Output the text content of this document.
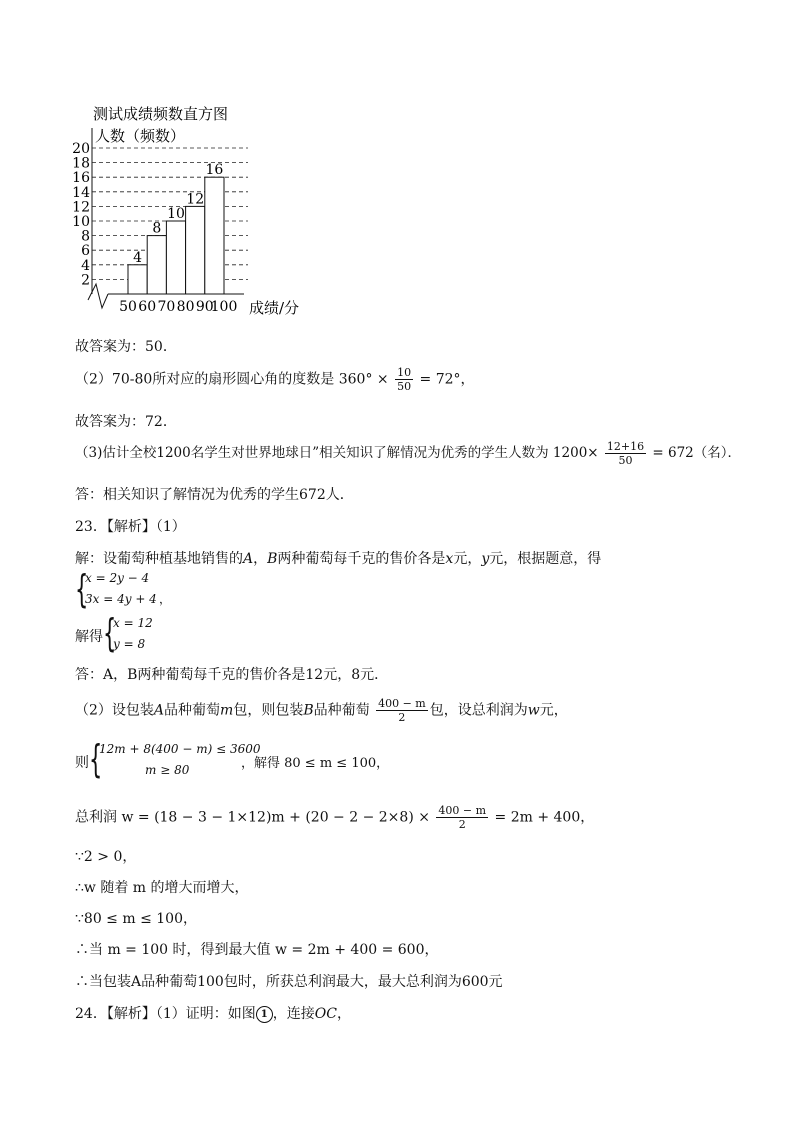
测试成绩频数直方图
人数（频数）
成绩/分
2
4
6
8
10
12
14
16
18
20
4
8
10
12
16
50 60 70 80 90
100
故答案为：50．
（2）70-80所对应的扇形圆心角的度数是 $360^\circ \times \frac{10}{50} = 72^\circ$，
故答案为：72．
（3)估计全校1200名学生对世界地球日”相关知识了解情况为优秀的学生人数为 $1200\times \frac{12+16}{50} = 672$（名）．
答：相关知识了解情况为优秀的学生672人．
23．【解析】（1）
解：设葡萄种植基地销售的A，B两种葡萄每千克的售价各是x元，y元，根据题意，得
{
x = 2y − 4
3x = 4y + 4 ，
解得 {
x = 12
y = 8
答：A，B两种葡萄每千克的售价各是12元，8元．
（2）设包装A品种葡萄m包，则包装B品种葡萄 $\frac{400 - m}{2}$ 包，设总利润为w元，
则 {
12m + 8(400 − m) ≤ 3600
m ≥ 80	，解得 80 ≤ m ≤ 100，
总利润 $w = (18 - 3 - 1\times 12)m + (20 - 2 - 2\times 8) \times \frac{400 - m}{2} = 2m + 400$，
∵2 > 0，
∴w 随着 m 的增大而增大，
∵80 ≤ m ≤ 100，
∴当 m = 100 时，得到最大值 w = 2m + 400 = 600，
∴当包装A品种葡萄100包时，所获总利润最大，最大总利润为600元
24．【解析】（1）证明：如图 1 ，连接OC，
